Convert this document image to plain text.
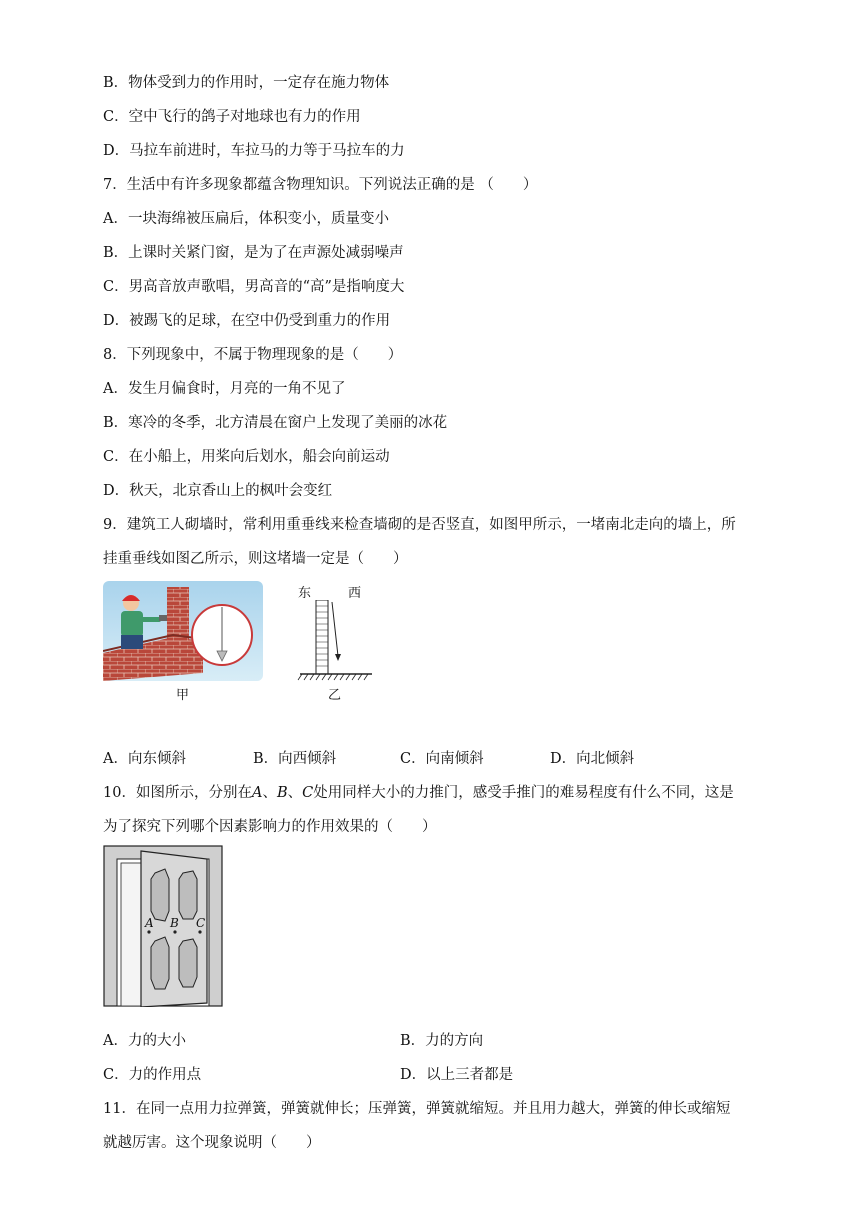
B．物体受到力的作用时，一定存在施力物体
C．空中飞行的鸽子对地球也有力的作用
D．马拉车前进时，车拉马的力等于马拉车的力
7．生活中有许多现象都蕴含物理知识。下列说法正确的是 （　　）
A．一块海绵被压扁后，体积变小，质量变小
B．上课时关紧门窗，是为了在声源处减弱噪声
C．男高音放声歌唱，男高音的“高”是指响度大
D．被踢飞的足球，在空中仍受到重力的作用
8．下列现象中，不属于物理现象的是（　　）
A．发生月偏食时，月亮的一角不见了
B．寒冷的冬季，北方清晨在窗户上发现了美丽的冰花
C．在小船上，用桨向后划水，船会向前运动
D．秋天，北京香山上的枫叶会变红
9．建筑工人砌墙时，常利用重垂线来检查墙砌的是否竖直，如图甲所示，一堵南北走向的墙上，所
挂重垂线如图乙所示，则这堵墙一定是（　　）
甲
东	西
乙
A．向东倾斜	B．向西倾斜	C．向南倾斜	D．向北倾斜
10．如图所示，分别在A、B、C处用同样大小的力推门，感受手推门的难易程度有什么不同，这是
为了探究下列哪个因素影响力的作用效果的（　　）
A B C
A．力的大小	B．力的方向
C．力的作用点	D．以上三者都是
11．在同一点用力拉弹簧，弹簧就伸长；压弹簧，弹簧就缩短。并且用力越大，弹簧的伸长或缩短
就越厉害。这个现象说明（　　）
